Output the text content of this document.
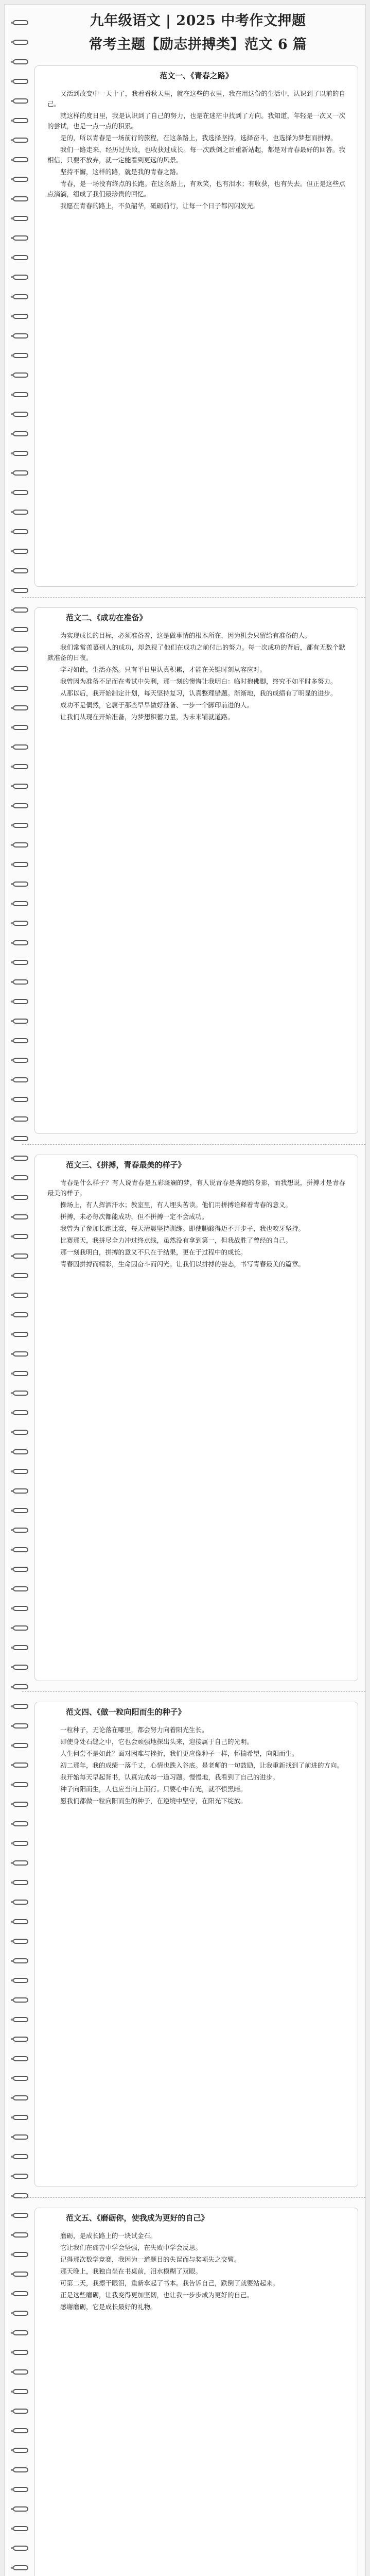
九年级语文 | 2025 中考作文押题
常考主题【励志拼搏类】范文 6 篇
范文一、《青春之路》

又活到改变中一天十了，我看看秋天里，就在这些的衣里，我在用这份的生活中，认识到了以前的自己。

就这样的度日里，我是认识到了自己的努力，也是在迷茫中找到了方向。我知道，年轻是一次又一次的尝试，也是一点一点的积累。

是的，所以青春是一场前行的旅程，在这条路上，我选择坚持，选择奋斗，也选择为梦想而拼搏。

我们一路走来，经历过失败，也收获过成长。每一次跌倒之后重新站起，都是对青春最好的回答。我相信，只要不放弃，就一定能看到更远的风景。

坚持不懈，这样的路，就是我的青春之路。

青春，是一场没有终点的长跑。在这条路上，有欢笑，也有泪水；有收获，也有失去。但正是这些点点滴滴，组成了我们最珍贵的回忆。

我愿在青春的路上，不负韶华，砥砺前行，让每一个日子都闪闪发光。

范文二、《成功在准备》

为实现成长的目标，必须准备着，这是做事情的根本所在，因为机会只留给有准备的人。

我们常常羡慕别人的成功，却忽视了他们在成功之前付出的努力。每一次成功的背后，都有无数个默默准备的日夜。

学习如此，生活亦然。只有平日里认真积累，才能在关键时刻从容应对。

我曾因为准备不足而在考试中失利，那一刻的懊悔让我明白：临时抱佛脚，终究不如平时多努力。

从那以后，我开始制定计划，每天坚持复习，认真整理错题。渐渐地，我的成绩有了明显的进步。

成功不是偶然，它属于那些早早做好准备、一步一个脚印前进的人。

让我们从现在开始准备，为梦想积蓄力量，为未来铺就道路。

范文三、《拼搏，青春最美的样子》

青春是什么样子？有人说青春是五彩斑斓的梦，有人说青春是奔跑的身影，而我想说，拼搏才是青春最美的样子。

操场上，有人挥洒汗水；教室里，有人埋头苦读。他们用拼搏诠释着青春的意义。

拼搏，未必每次都能成功，但不拼搏一定不会成功。

我曾为了参加长跑比赛，每天清晨坚持训练。即使腿酸得迈不开步子，我也咬牙坚持。

比赛那天，我拼尽全力冲过终点线，虽然没有拿到第一，但我战胜了曾经的自己。

那一刻我明白，拼搏的意义不只在于结果，更在于过程中的成长。

青春因拼搏而精彩，生命因奋斗而闪光。让我们以拼搏的姿态，书写青春最美的篇章。

范文四、《做一粒向阳而生的种子》

一粒种子，无论落在哪里，都会努力向着阳光生长。

即使身处石缝之中，它也会顽强地探出头来，迎接属于自己的光明。

人生何尝不是如此？面对困难与挫折，我们更应像种子一样，怀揣希望，向阳而生。

初二那年，我的成绩一落千丈，心情也跌入谷底。是老师的一句鼓励，让我重新找到了前进的方向。

我开始每天早起背书，认真完成每一道习题。慢慢地，我看到了自己的进步。

种子向阳而生，人也应当向上而行。只要心中有光，就不惧黑暗。

愿我们都做一粒向阳而生的种子，在逆境中坚守，在阳光下绽放。

范文五、《磨砺你，使我成为更好的自己》

磨砺，是成长路上的一块试金石。

它让我们在痛苦中学会坚强，在失败中学会反思。

记得那次数学竞赛，我因为一道题目的失误而与奖项失之交臂。

那天晚上，我独自坐在书桌前，泪水模糊了双眼。

可第二天，我擦干眼泪，重新拿起了书本。我告诉自己，跌倒了就要站起来。

正是这些磨砺，让我变得更加坚韧，也让我一步步成为更好的自己。

感谢磨砺，它是成长最好的礼物。
